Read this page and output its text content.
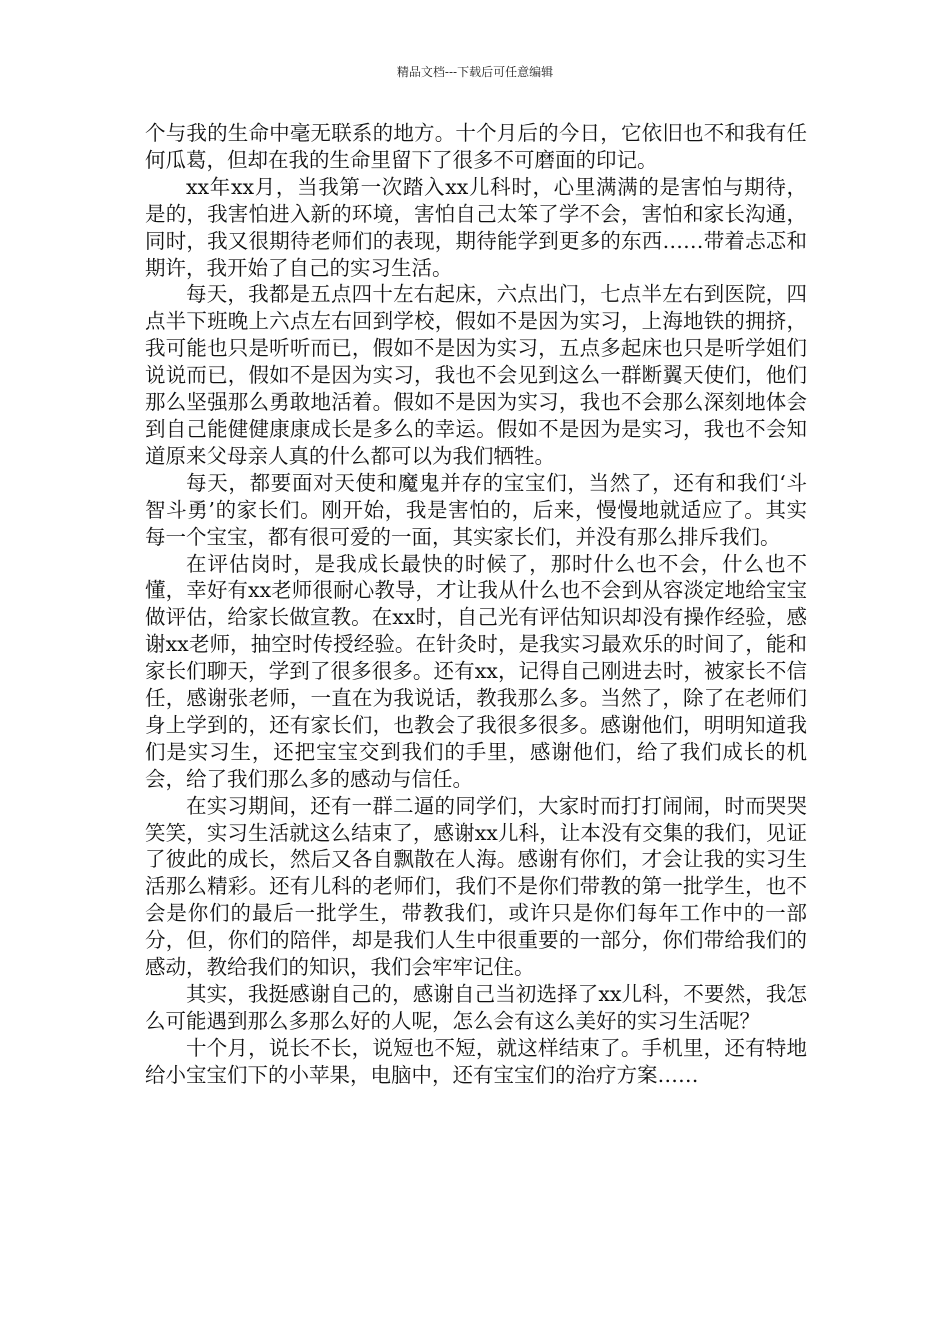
精品文档---下载后可任意编辑

个与我的生命中毫无联系的地方。十个月后的今日，它依旧也不和我有任何瓜葛，但却在我的生命里留下了很多不可磨面的印记。

xx年xx月，当我第一次踏入xx儿科时，心里满满的是害怕与期待，是的，我害怕进入新的环境，害怕自己太笨了学不会，害怕和家长沟通，同时，我又很期待老师们的表现，期待能学到更多的东西……带着忐忑和期许，我开始了自己的实习生活。

每天，我都是五点四十左右起床，六点出门，七点半左右到医院，四点半下班晚上六点左右回到学校，假如不是因为实习，上海地铁的拥挤，我可能也只是听听而已，假如不是因为实习，五点多起床也只是听学姐们说说而已，假如不是因为实习，我也不会见到这么一群断翼天使们，他们那么坚强那么勇敢地活着。假如不是因为实习，我也不会那么深刻地体会到自己能健健康康成长是多么的幸运。假如不是因为是实习，我也不会知道原来父母亲人真的什么都可以为我们牺牲。

每天，都要面对天使和魔鬼并存的宝宝们，当然了，还有和我们‘斗智斗勇’的家长们。刚开始，我是害怕的，后来，慢慢地就适应了。其实每一个宝宝，都有很可爱的一面，其实家长们，并没有那么排斥我们。

在评估岗时，是我成长最快的时候了，那时什么也不会，什么也不懂，幸好有xx老师很耐心教导，才让我从什么也不会到从容淡定地给宝宝做评估，给家长做宣教。在xx时，自己光有评估知识却没有操作经验，感谢xx老师，抽空时传授经验。在针灸时，是我实习最欢乐的时间了，能和家长们聊天，学到了很多很多。还有xx，记得自己刚进去时，被家长不信任，感谢张老师，一直在为我说话，教我那么多。当然了，除了在老师们身上学到的，还有家长们，也教会了我很多很多。感谢他们，明明知道我们是实习生，还把宝宝交到我们的手里，感谢他们，给了我们成长的机会，给了我们那么多的感动与信任。

在实习期间，还有一群二逼的同学们，大家时而打打闹闹，时而哭哭笑笑，实习生活就这么结束了，感谢xx儿科，让本没有交集的我们，见证了彼此的成长，然后又各自飘散在人海。感谢有你们，才会让我的实习生活那么精彩。还有儿科的老师们，我们不是你们带教的第一批学生，也不会是你们的最后一批学生，带教我们，或许只是你们每年工作中的一部分，但，你们的陪伴，却是我们人生中很重要的一部分，你们带给我们的感动，教给我们的知识，我们会牢牢记住。

其实，我挺感谢自己的，感谢自己当初选择了xx儿科，不要然，我怎么可能遇到那么多那么好的人呢，怎么会有这么美好的实习生活呢？

十个月，说长不长，说短也不短，就这样结束了。手机里，还有特地给小宝宝们下的小苹果，电脑中，还有宝宝们的治疗方案……
